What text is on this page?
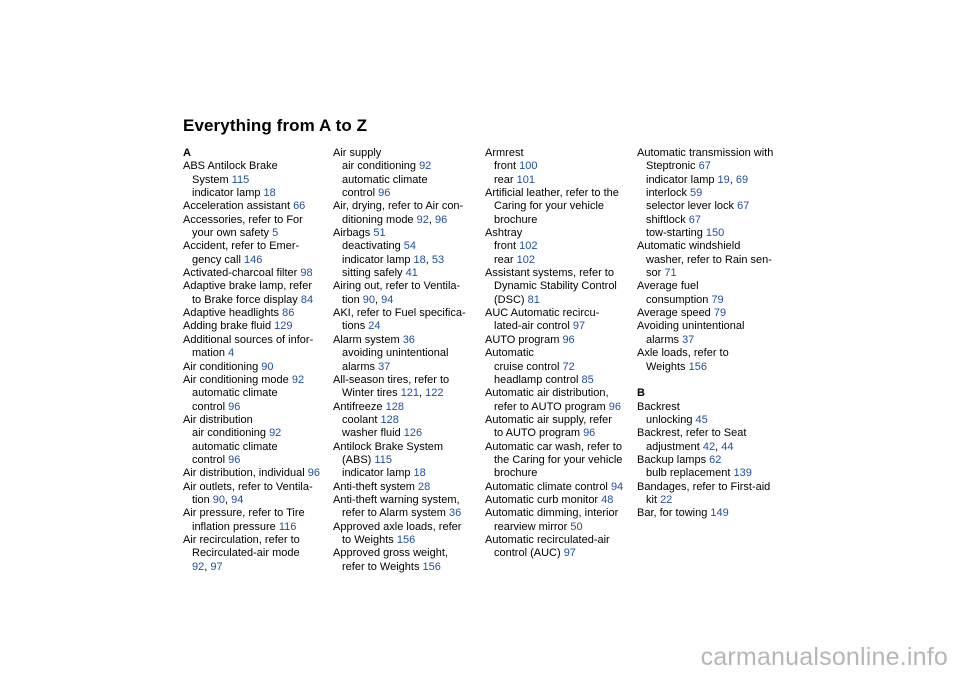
Everything from A to Z
A
ABS Antilock Brake
System 115
indicator lamp 18
Acceleration assistant 66
Accessories, refer to For
your own safety 5
Accident, refer to Emer-
gency call 146
Activated-charcoal filter 98
Adaptive brake lamp, refer
to Brake force display 84
Adaptive headlights 86
Adding brake fluid 129
Additional sources of infor-
mation 4
Air conditioning 90
Air conditioning mode 92
automatic climate
control 96
Air distribution
air conditioning 92
automatic climate
control 96
Air distribution, individual 96
Air outlets, refer to Ventila-
tion 90, 94
Air pressure, refer to Tire
inflation pressure 116
Air recirculation, refer to
Recirculated-air mode
92, 97
Air supply
air conditioning 92
automatic climate
control 96
Air, drying, refer to Air con-
ditioning mode 92, 96
Airbags 51
deactivating 54
indicator lamp 18, 53
sitting safely 41
Airing out, refer to Ventila-
tion 90, 94
AKI, refer to Fuel specifica-
tions 24
Alarm system 36
avoiding unintentional
alarms 37
All-season tires, refer to
Winter tires 121, 122
Antifreeze 128
coolant 128
washer fluid 126
Antilock Brake System
(ABS) 115
indicator lamp 18
Anti-theft system 28
Anti-theft warning system,
refer to Alarm system 36
Approved axle loads, refer
to Weights 156
Approved gross weight,
refer to Weights 156
Armrest
front 100
rear 101
Artificial leather, refer to the
Caring for your vehicle
brochure
Ashtray
front 102
rear 102
Assistant systems, refer to
Dynamic Stability Control
(DSC) 81
AUC Automatic recircu-
lated-air control 97
AUTO program 96
Automatic
cruise control 72
headlamp control 85
Automatic air distribution,
refer to AUTO program 96
Automatic air supply, refer
to AUTO program 96
Automatic car wash, refer to
the Caring for your vehicle
brochure
Automatic climate control 94
Automatic curb monitor 48
Automatic dimming, interior
rearview mirror 50
Automatic recirculated-air
control (AUC) 97
Automatic transmission with
Steptronic 67
indicator lamp 19, 69
interlock 59
selector lever lock 67
shiftlock 67
tow-starting 150
Automatic windshield
washer, refer to Rain sen-
sor 71
Average fuel
consumption 79
Average speed 79
Avoiding unintentional
alarms 37
Axle loads, refer to
Weights 156
B
Backrest
unlocking 45
Backrest, refer to Seat
adjustment 42, 44
Backup lamps 62
bulb replacement 139
Bandages, refer to First-aid
kit 22
Bar, for towing 149
carmanualsonline.info
